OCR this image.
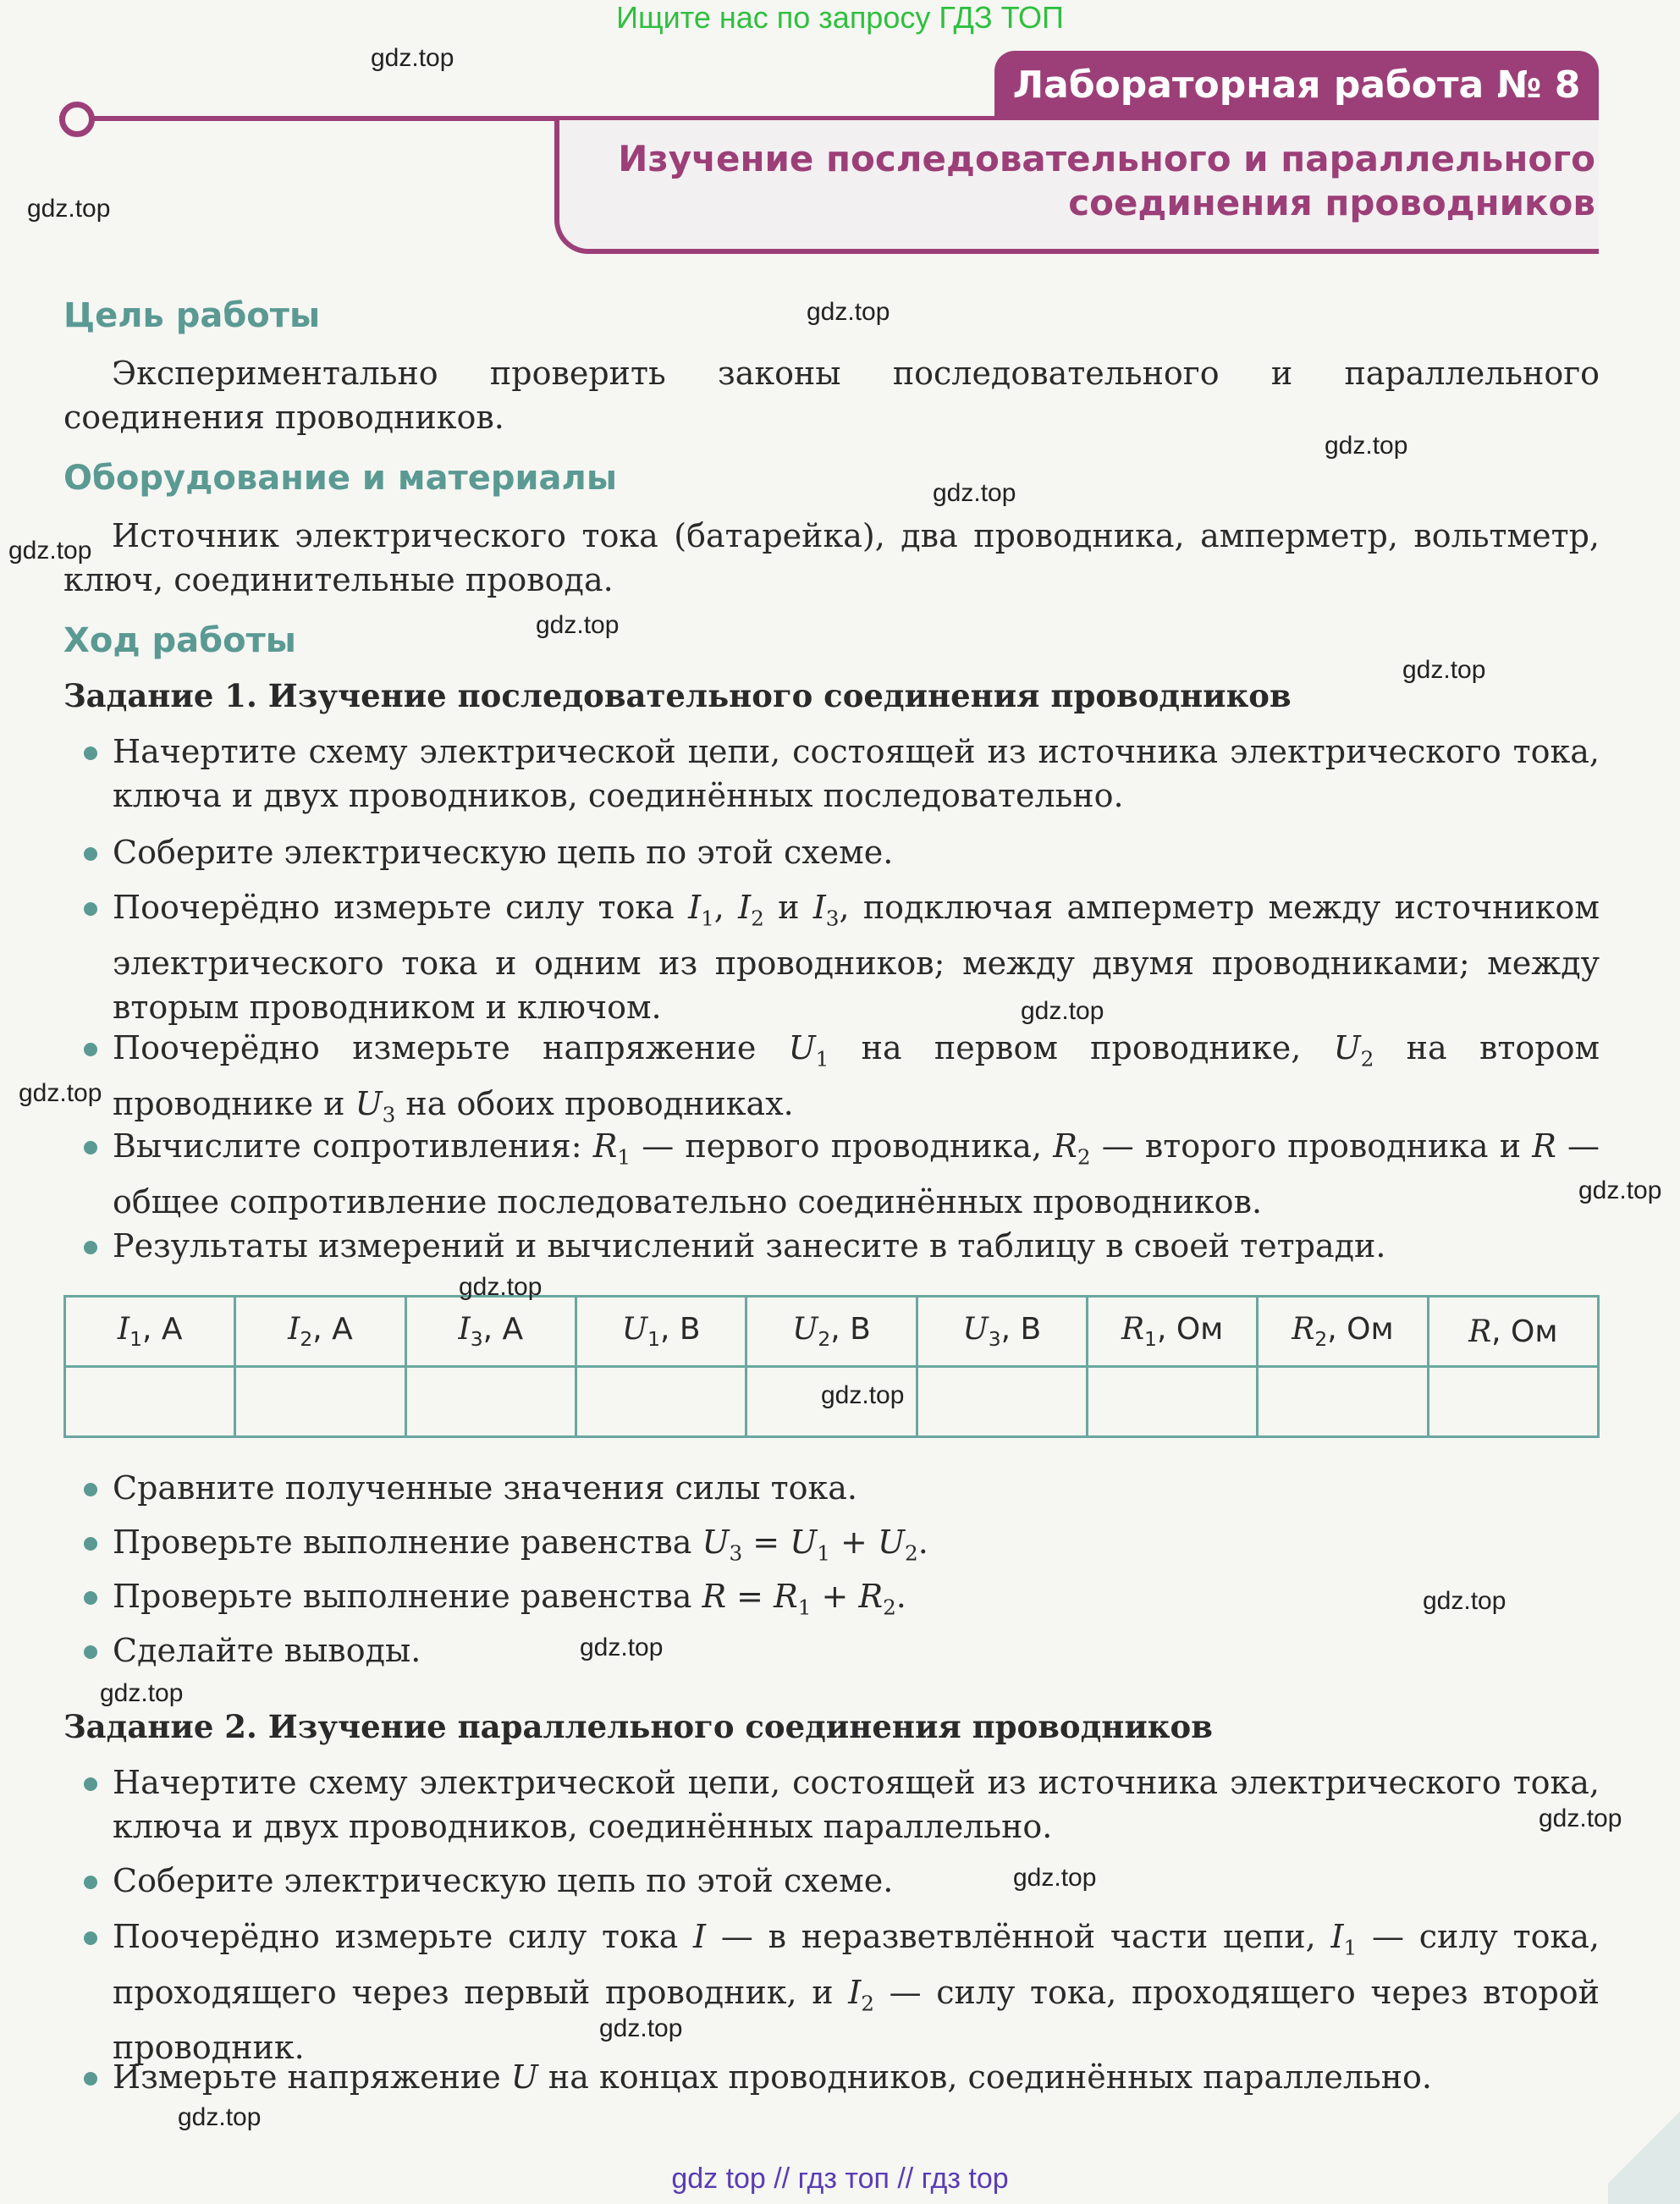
Ищите нас по запросу ГДЗ ТОП
Лабораторная работа № 8
Изучение последовательного и параллельного
соединения проводников
Цель работы
Экспериментально проверить законы последовательного и параллельного соединения проводников.
Оборудование и материалы
Источник электрического тока (батарейка), два проводника, амперметр, вольтметр, ключ, соединительные провода.
Ход работы
Задание 1. Изучение последовательного соединения проводников
Начертите схему электрической цепи, состоящей из источника электрического тока, ключа и двух проводников, соединённых последовательно.
Соберите электрическую цепь по этой схеме.
Поочерёдно измерьте силу тока $I_1$, $I_2$ и $I_3$, подключая амперметр между источником электрического тока и одним из проводников; между двумя проводниками; между вторым проводником и ключом.
Поочерёдно измерьте напряжение $U_1$ на первом проводнике, $U_2$ на втором проводнике и $U_3$ на обоих проводниках.
Вычислите сопротивления: $R_1$ — первого проводника, $R_2$ — второго проводника и R — общее сопротивление последовательно соединённых проводников.
Результаты измерений и вычислений занесите в таблицу в своей тетради.
$I_1$, А	$I_2$, А	$I_3$, А	$U_1$, В	$U_2$, В	$U_3$, В	$R_1$, Ом	$R_2$, Ом	R, Ом

Сравните полученные значения силы тока.
Проверьте выполнение равенства $U_3 = U_1 + U_2$.
Проверьте выполнение равенства $R = R_1 + R_2$.
Сделайте выводы.
Задание 2. Изучение параллельного соединения проводников
Начертите схему электрической цепи, состоящей из источника электрического тока, ключа и двух проводников, соединённых параллельно.
Соберите электрическую цепь по этой схеме.
Поочерёдно измерьте силу тока I — в неразветвлённой части цепи, $I_1$ — силу тока, проходящего через первый проводник, и $I_2$ — силу тока, проходящего через второй проводник.
Измерьте напряжение U на концах проводников, соединённых параллельно.
gdz.top
gdz.top
gdz.top
gdz.top
gdz.top
gdz.top
gdz.top
gdz.top
gdz.top
gdz.top
gdz.top
gdz.top
gdz.top
gdz.top
gdz.top
gdz.top
gdz.top
gdz.top
gdz.top
gdz.top
gdz top // гдз топ // гдз top
